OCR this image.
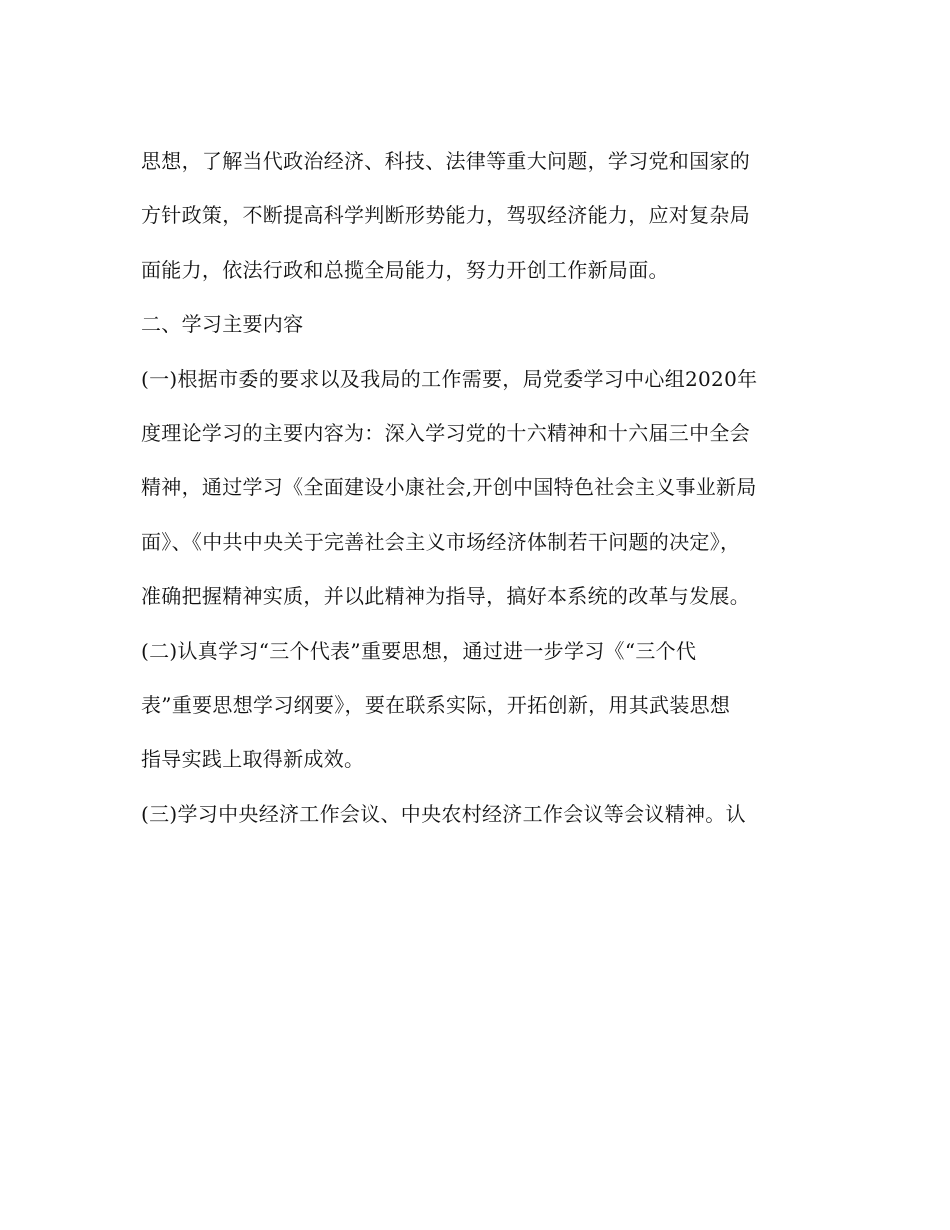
思想，了解当代政治经济、科技、法律等重大问题，学习党和国家的
方针政策，不断提高科学判断形势能力，驾驭经济能力，应对复杂局
面能力，依法行政和总揽全局能力，努力开创工作新局面。
二、学习主要内容
(一)根据市委的要求以及我局的工作需要，局党委学习中心组2020年
度理论学习的主要内容为：深入学习党的十六精神和十六届三中全会
精神，通过学习《全面建设小康社会,开创中国特色社会主义事业新局
面》、《中共中央关于完善社会主义市场经济体制若干问题的决定》，
准确把握精神实质，并以此精神为指导，搞好本系统的改革与发展。
(二)认真学习“三个代表”重要思想，通过进一步学习《“三个代
表”重要思想学习纲要》，要在联系实际，开拓创新，用其武装思想
指导实践上取得新成效。
(三)学习中央经济工作会议、中央农村经济工作会议等会议精神。认
